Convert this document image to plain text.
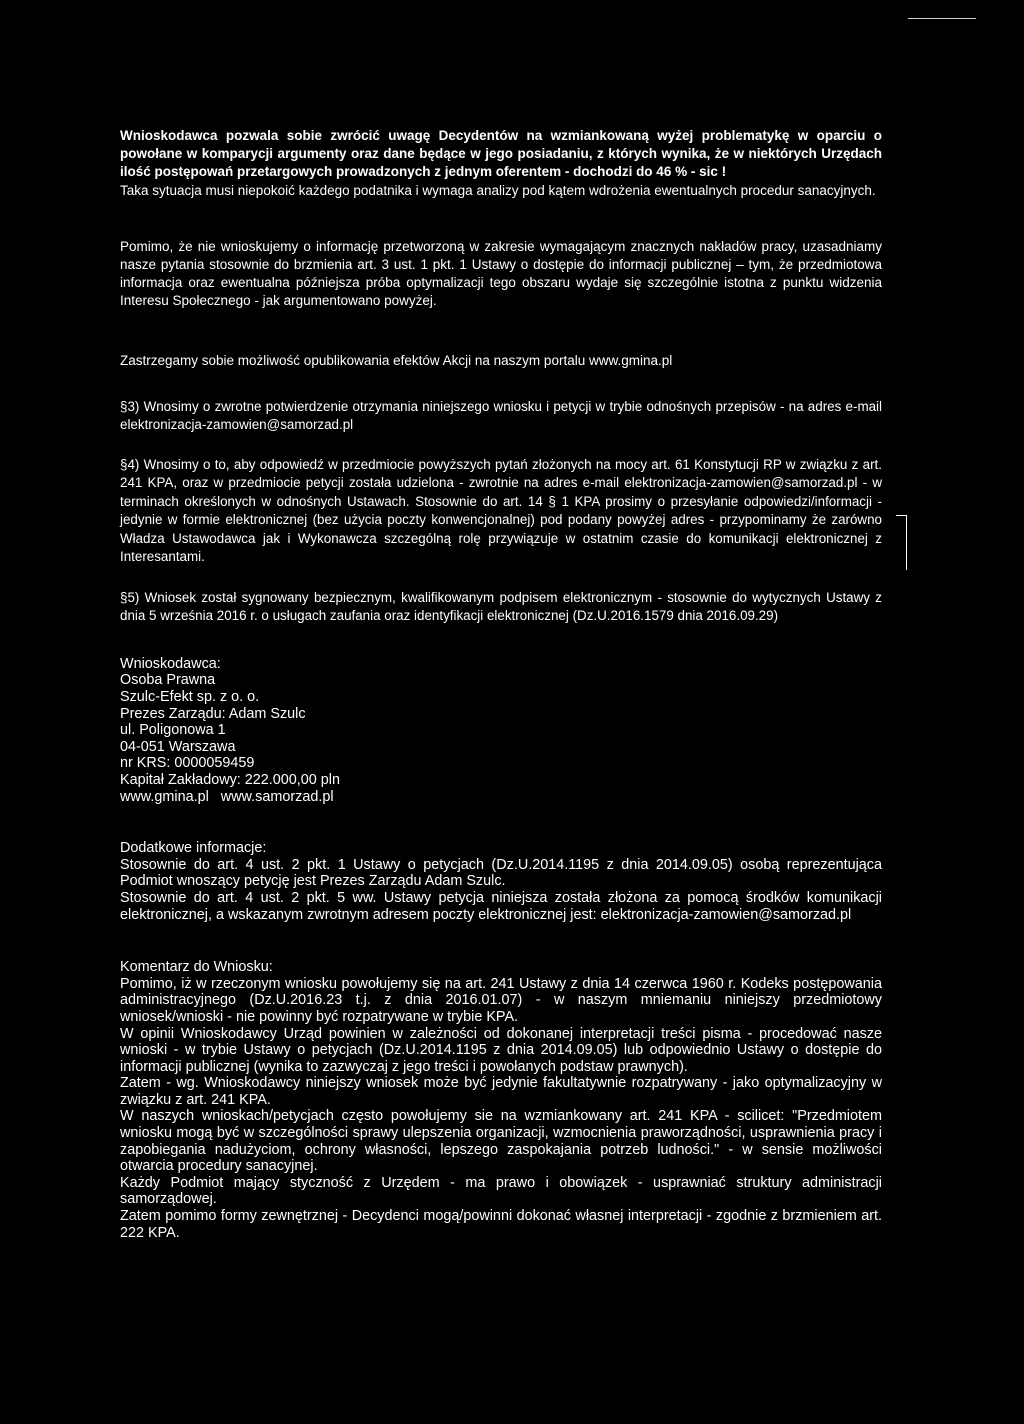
Wnioskodawca pozwala sobie zwrócić uwagę Decydentów na wzmiankowaną wyżej problematykę w oparciu o powołane w komparycji argumenty oraz dane będące w jego posiadaniu, z których wynika, że w niektórych Urzędach ilość postępowań przetargowych prowadzonych z jednym oferentem - dochodzi do 46 % - sic !

Taka sytuacja musi niepokoić każdego podatnika i wymaga analizy pod kątem wdrożenia ewentualnych procedur sanacyjnych.

Pomimo, że nie wnioskujemy o informację przetworzoną w zakresie wymagającym znacznych nakładów pracy, uzasadniamy nasze pytania stosownie do brzmienia art. 3 ust. 1 pkt. 1 Ustawy o dostępie do informacji publicznej – tym, że przedmiotowa informacja oraz ewentualna późniejsza próba optymalizacji tego obszaru wydaje się szczególnie istotna z punktu widzenia Interesu Społecznego - jak argumentowano powyżej.

Zastrzegamy sobie możliwość opublikowania efektów Akcji na naszym portalu www.gmina.pl

§3) Wnosimy o zwrotne potwierdzenie otrzymania niniejszego wniosku i petycji w trybie odnośnych przepisów - na adres e-mail elektronizacja-zamowien@samorzad.pl

§4) Wnosimy o to, aby odpowiedź w przedmiocie powyższych pytań złożonych na mocy art. 61 Konstytucji RP w związku z art. 241 KPA, oraz w przedmiocie petycji została udzielona - zwrotnie na adres e-mail elektronizacja-zamowien@samorzad.pl - w terminach określonych w odnośnych Ustawach. Stosownie do art. 14 § 1 KPA prosimy o przesyłanie odpowiedzi/informacji - jedynie w formie elektronicznej (bez użycia poczty konwencjonalnej) pod podany powyżej adres - przypominamy że zarówno Władza Ustawodawca jak i Wykonawcza szczególną rolę przywiązuje w ostatnim czasie do komunikacji elektronicznej z Interesantami.

§5) Wniosek został sygnowany bezpiecznym, kwalifikowanym podpisem elektronicznym - stosownie do wytycznych Ustawy z dnia 5 września 2016 r. o usługach zaufania oraz identyfikacji elektronicznej (Dz.U.2016.1579 dnia 2016.09.29)

Wnioskodawca:
Osoba Prawna
Szulc-Efekt sp. z o. o.
Prezes Zarządu: Adam Szulc
ul. Poligonowa 1
04-051 Warszawa
nr KRS: 0000059459
Kapitał Zakładowy: 222.000,00 pln
www.gmina.pl   www.samorzad.pl

Dodatkowe informacje:

Stosownie do art. 4 ust. 2 pkt. 1 Ustawy o petycjach (Dz.U.2014.1195 z dnia 2014.09.05) osobą reprezentująca Podmiot wnoszący petycję jest Prezes Zarządu Adam Szulc.

Stosownie do art. 4 ust. 2 pkt. 5 ww. Ustawy petycja niniejsza została złożona za pomocą środków komunikacji elektronicznej, a wskazanym zwrotnym adresem poczty elektronicznej jest: elektronizacja-zamowien@samorzad.pl

Komentarz do Wniosku:

Pomimo, iż w rzeczonym wniosku powołujemy się na art. 241 Ustawy z dnia 14 czerwca 1960 r. Kodeks postępowania administracyjnego (Dz.U.2016.23 t.j. z dnia 2016.01.07) - w naszym mniemaniu niniejszy przedmiotowy wniosek/wnioski - nie powinny być rozpatrywane w trybie KPA.

W opinii Wnioskodawcy Urząd powinien w zależności od dokonanej interpretacji treści pisma - procedować nasze wnioski - w trybie Ustawy o petycjach (Dz.U.2014.1195 z dnia 2014.09.05) lub odpowiednio Ustawy o dostępie do informacji publicznej (wynika to zazwyczaj z jego treści i powołanych podstaw prawnych).

Zatem - wg. Wnioskodawcy niniejszy wniosek może być jedynie fakultatywnie rozpatrywany - jako optymalizacyjny w związku z art. 241 KPA.

W naszych wnioskach/petycjach często powołujemy sie na wzmiankowany art. 241 KPA - scilicet: "Przedmiotem wniosku mogą być w szczególności sprawy ulepszenia organizacji, wzmocnienia praworządności, usprawnienia pracy i zapobiegania nadużyciom, ochrony własności, lepszego zaspokajania potrzeb ludności." - w sensie możliwości otwarcia procedury sanacyjnej.

Każdy Podmiot mający styczność z Urzędem - ma prawo i obowiązek - usprawniać struktury administracji samorządowej.

Zatem pomimo formy zewnętrznej - Decydenci mogą/powinni dokonać własnej interpretacji - zgodnie z brzmieniem art. 222 KPA.
